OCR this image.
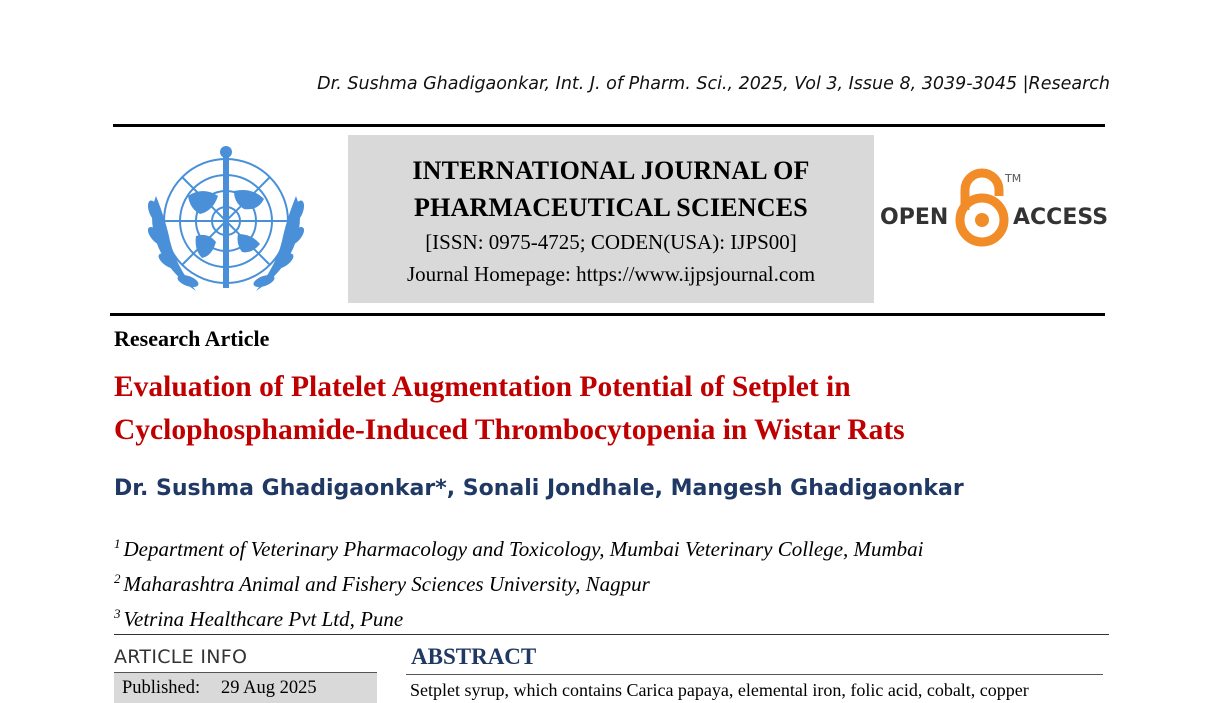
Dr. Sushma Ghadigaonkar, Int. J. of Pharm. Sci., 2025, Vol 3, Issue 8, 3039-3045 |Research
INTERNATIONAL JOURNAL OF
PHARMACEUTICAL SCIENCES
[ISSN: 0975-4725; CODEN(USA): IJPS00]
Journal Homepage: https://www.ijpsjournal.com
OPEN	ACCESS
TM
Research Article
Evaluation of Platelet Augmentation Potential of Setplet in
Cyclophosphamide-Induced Thrombocytopenia in Wistar Rats
Dr. Sushma Ghadigaonkar*, Sonali Jondhale, Mangesh Ghadigaonkar
$^1$ Department of Veterinary Pharmacology and Toxicology, Mumbai Veterinary College, Mumbai
$^2$ Maharashtra Animal and Fishery Sciences University, Nagpur
$^3$ Vetrina Healthcare Pvt Ltd, Pune
ARTICLE INFO
Published: 29 Aug 2025
ABSTRACT
Setplet syrup, which contains Carica papaya, elemental iron, folic acid, cobalt, copper
